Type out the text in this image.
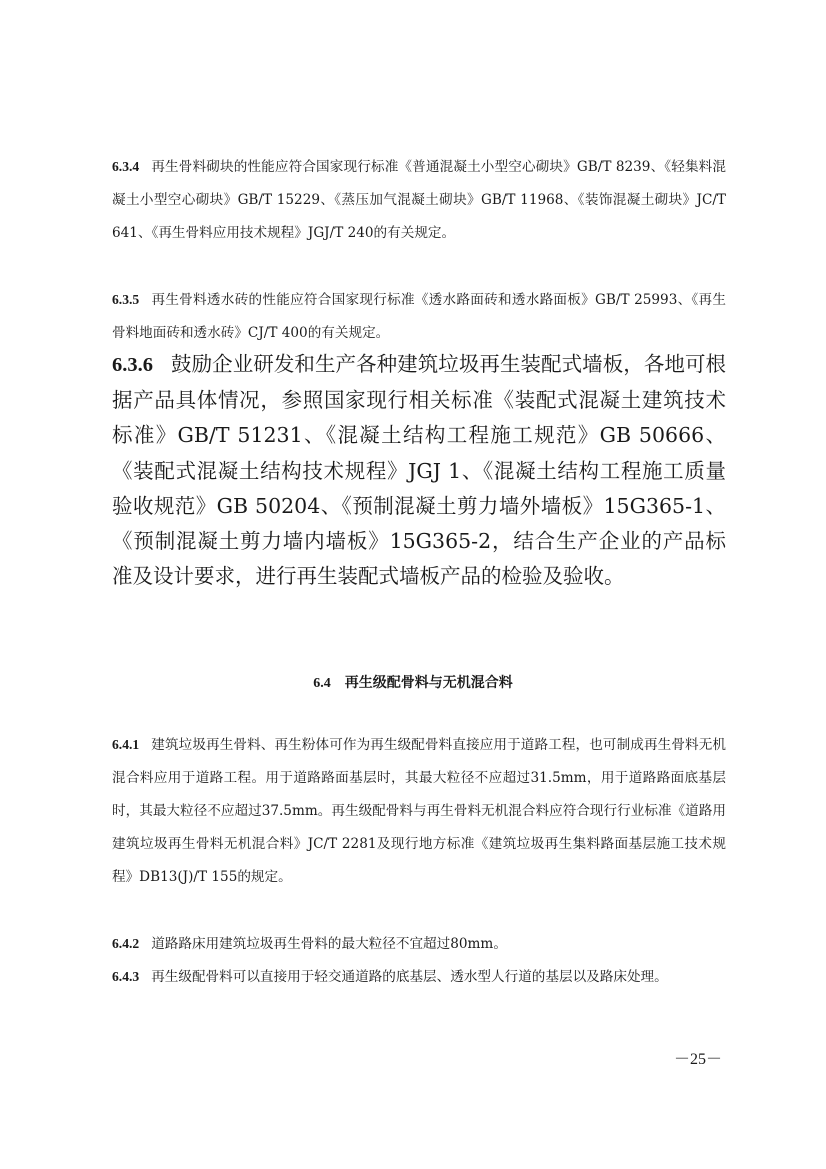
6.3.4 再生骨料砌块的性能应符合国家现行标准《普通混凝土小型空心砌块》GB/T 8239、《轻集料混凝土小型空心砌块》GB/T 15229、《蒸压加气混凝土砌块》GB/T 11968、《装饰混凝土砌块》JC/T 641、《再生骨料应用技术规程》JGJ/T 240的有关规定。

6.3.5 再生骨料透水砖的性能应符合国家现行标准《透水路面砖和透水路面板》GB/T 25993、《再生骨料地面砖和透水砖》CJ/T 400的有关规定。

6.3.6 鼓励企业研发和生产各种建筑垃圾再生装配式墙板，各地可根据产品具体情况，参照国家现行相关标准《装配式混凝土建筑技术标准》GB/T 51231、《混凝土结构工程施工规范》GB 50666、《装配式混凝土结构技术规程》JGJ 1、《混凝土结构工程施工质量验收规范》GB 50204、《预制混凝土剪力墙外墙板》15G365-1、《预制混凝土剪力墙内墙板》15G365-2，结合生产企业的产品标准及设计要求，进行再生装配式墙板产品的检验及验收。

6.4 再生级配骨料与无机混合料

6.4.1 建筑垃圾再生骨料、再生粉体可作为再生级配骨料直接应用于道路工程，也可制成再生骨料无机混合料应用于道路工程。用于道路路面基层时，其最大粒径不应超过31.5mm，用于道路路面底基层时，其最大粒径不应超过37.5mm。再生级配骨料与再生骨料无机混合料应符合现行行业标准《道路用建筑垃圾再生骨料无机混合料》JC/T 2281及现行地方标准《建筑垃圾再生集料路面基层施工技术规程》DB13(J)/T 155的规定。

6.4.2 道路路床用建筑垃圾再生骨料的最大粒径不宜超过80mm。

6.4.3 再生级配骨料可以直接用于轻交通道路的底基层、透水型人行道的基层以及路床处理。

－25－
